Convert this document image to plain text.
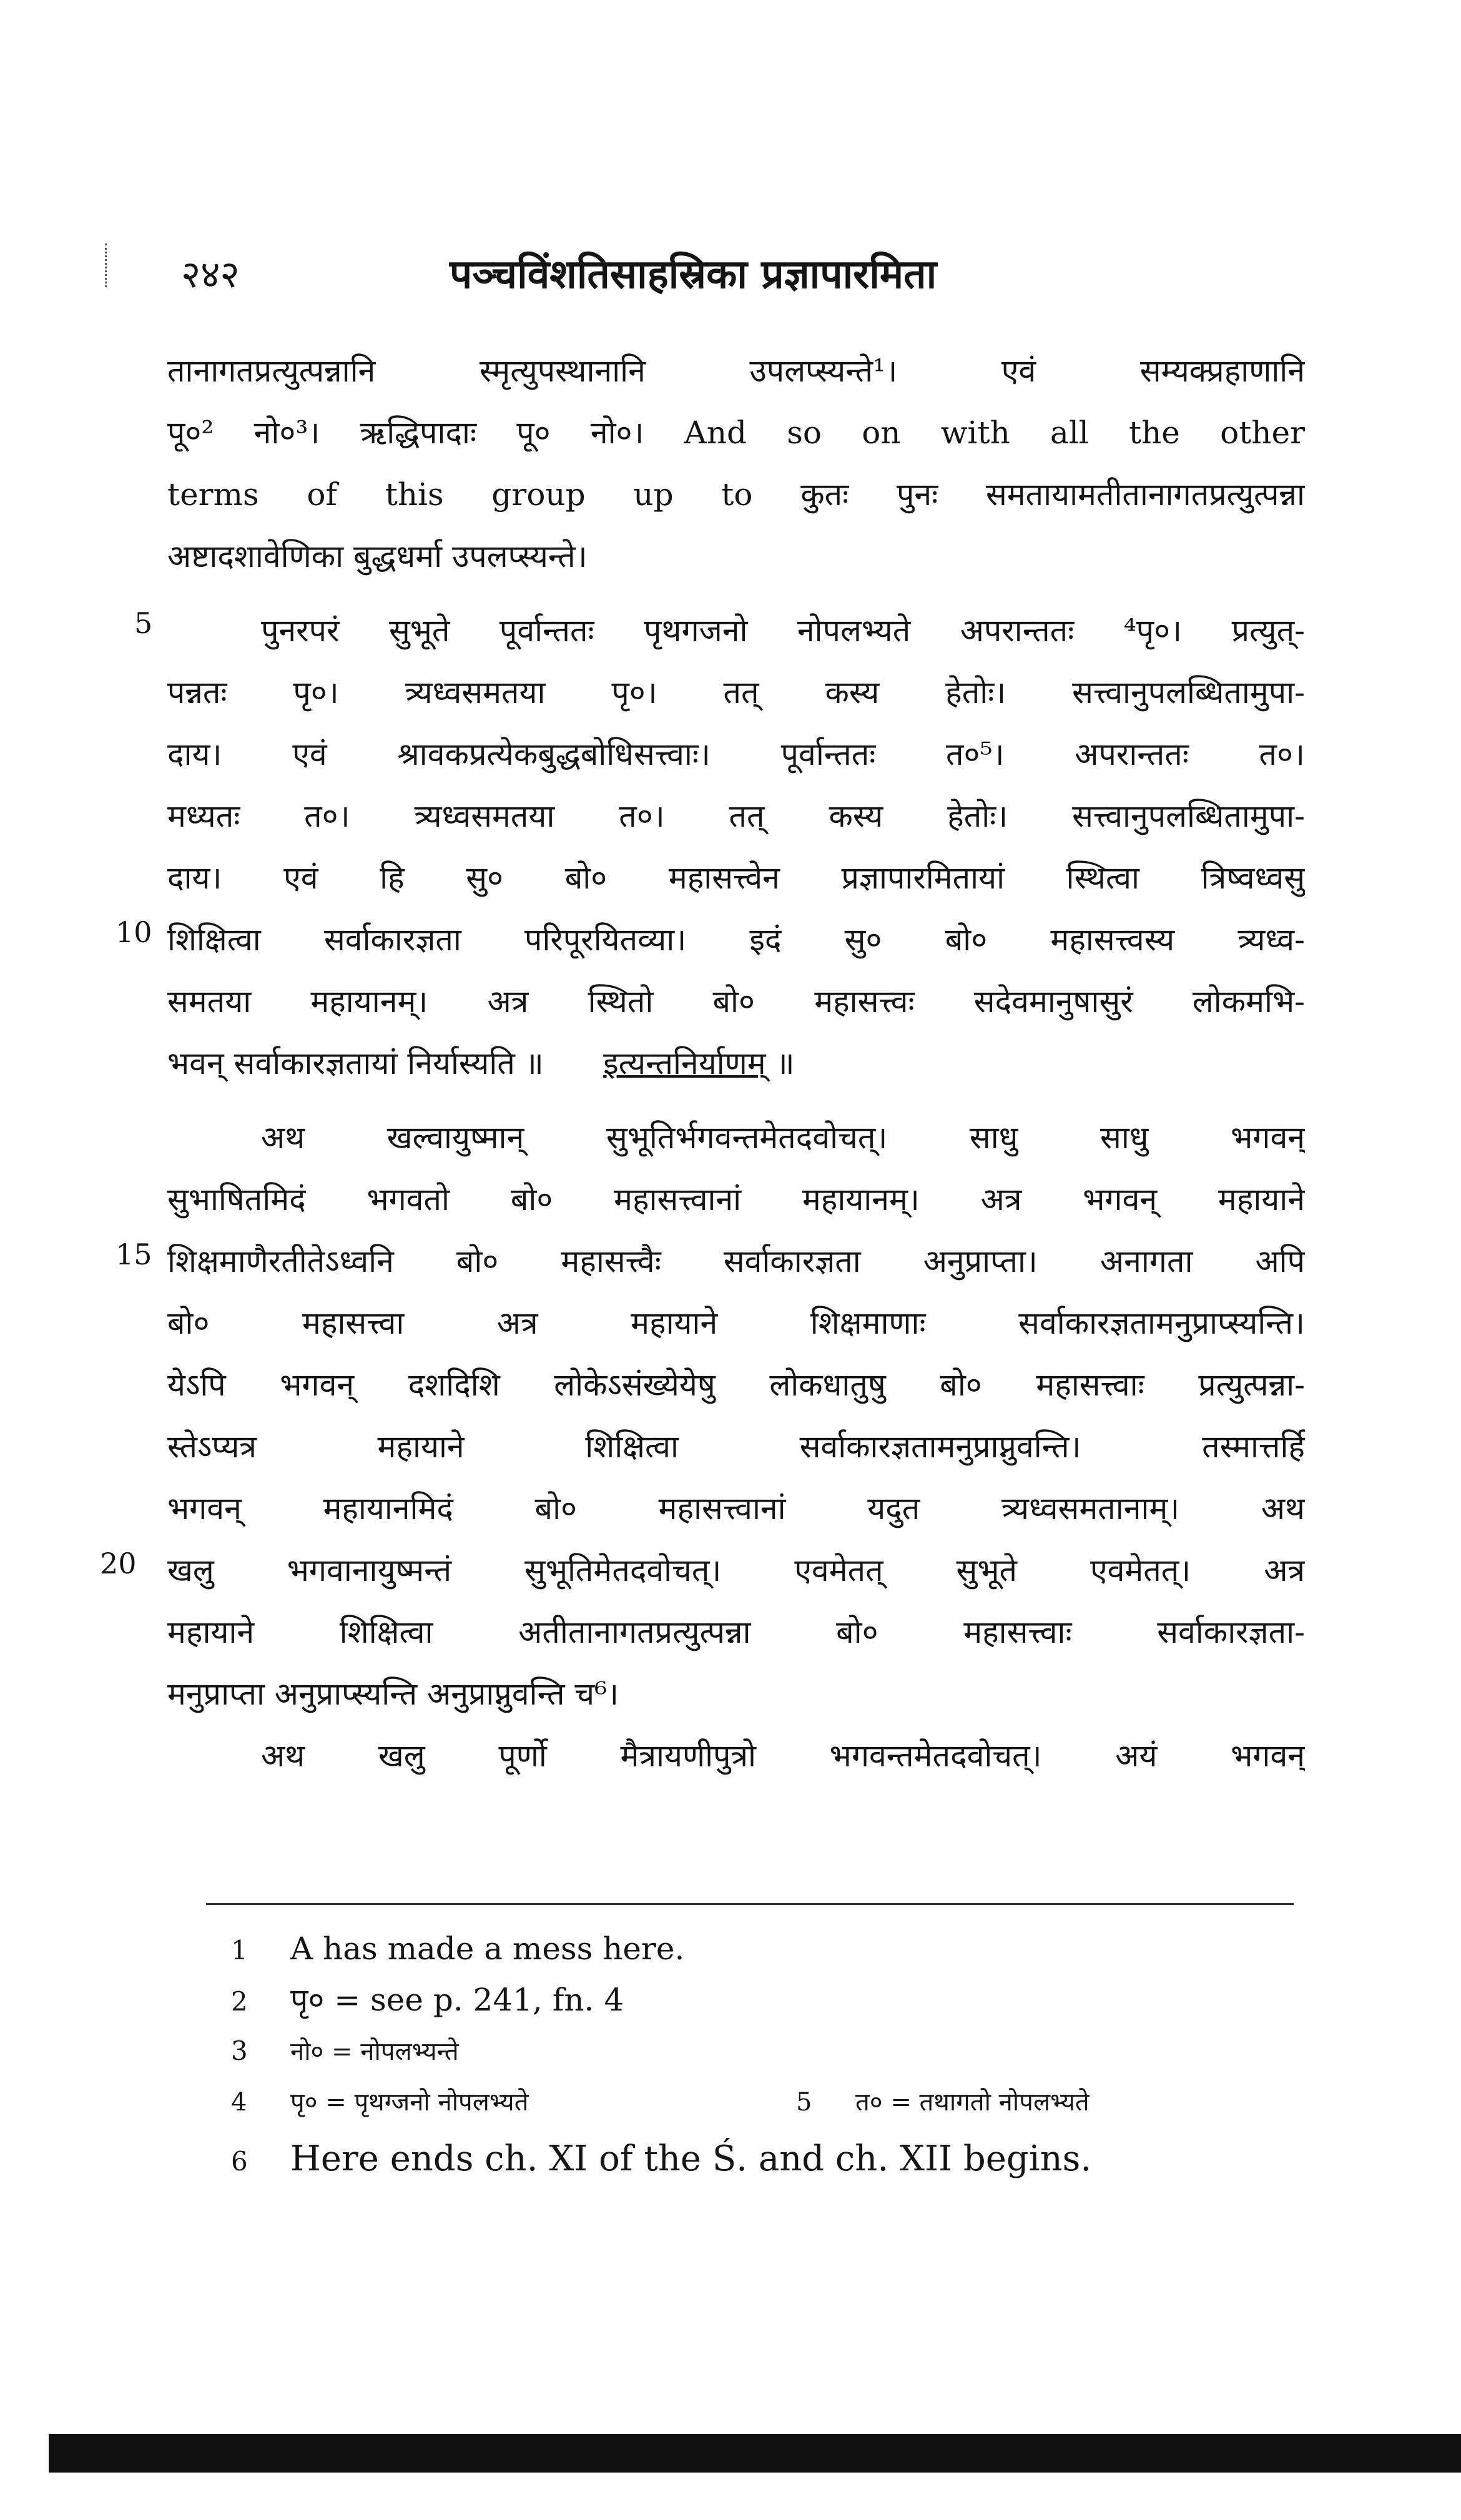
२४२	पञ्चविंशतिसाहस्रिका प्रज्ञापारमिता
5
10
15
20
तानागतप्रत्युत्पन्नानि स्मृत्युपस्थानानि उपलप्स्यन्ते¹। एवं सम्यक्प्रहाणानि
पू०² नो०³। ऋद्धिपादाः पू० नो०। And so on with all the other
terms of this group up to कुतः पुनः समतायामतीतानागतप्रत्युत्पन्ना
अष्टादशावेणिका बुद्धधर्मा उपलप्स्यन्ते।
पुनरपरं सुभूते पूर्वान्ततः पृथगजनो नोपलभ्यते अपरान्ततः ⁴पृ०। प्रत्युत्-
पन्नतः पृ०। त्र्यध्वसमतया पृ०। तत् कस्य हेतोः। सत्त्वानुपलब्धितामुपा-
दाय। एवं श्रावकप्रत्येकबुद्धबोधिसत्त्वाः। पूर्वान्ततः त०⁵। अपरान्ततः त०।
मध्यतः त०। त्र्यध्वसमतया त०। तत् कस्य हेतोः। सत्त्वानुपलब्धितामुपा-
दाय। एवं हि सु० बो० महासत्त्वेन प्रज्ञापारमितायां स्थित्वा त्रिष्वध्वसु
शिक्षित्वा सर्वाकारज्ञता परिपूरयितव्या। इदं सु० बो० महासत्त्वस्य त्र्यध्व-
समतया महायानम्। अत्र स्थितो बो० महासत्त्वः सदेवमानुषासुरं लोकमभि-
भवन् सर्वाकारज्ञतायां निर्यास्यति ॥ इत्यन्तनिर्याणम् ॥
अथ खल्वायुष्मान् सुभूतिर्भगवन्तमेतदवोचत्। साधु साधु भगवन्
सुभाषितमिदं भगवतो बो० महासत्त्वानां महायानम्। अत्र भगवन् महायाने
शिक्षमाणैरतीतेऽध्वनि बो० महासत्त्वैः सर्वाकारज्ञता अनुप्राप्ता। अनागता अपि
बो० महासत्त्वा अत्र महायाने शिक्षमाणाः सर्वाकारज्ञतामनुप्राप्स्यन्ति।
येऽपि भगवन् दशदिशि लोकेऽसंख्येयेषु लोकधातुषु बो० महासत्त्वाः प्रत्युत्पन्ना-
स्तेऽप्यत्र महायाने शिक्षित्वा सर्वाकारज्ञतामनुप्राप्नुवन्ति। तस्मात्तर्हि
भगवन् महायानमिदं बो० महासत्त्वानां यदुत त्र्यध्वसमतानाम्। अथ
खलु भगवानायुष्मन्तं सुभूतिमेतदवोचत्। एवमेतत् सुभूते एवमेतत्। अत्र
महायाने शिक्षित्वा अतीतानागतप्रत्युत्पन्ना बो० महासत्त्वाः सर्वाकारज्ञता-
मनुप्राप्ता अनुप्राप्स्यन्ति अनुप्राप्नुवन्ति च⁶।
अथ खलु पूर्णो मैत्रायणीपुत्रो भगवन्तमेतदवोचत्। अयं भगवन्
1 A has made a mess here.
2 पृ० = see p. 241, fn. 4
3 नो० = नोपलभ्यन्ते
4 पृ० = पृथग्जनो नोपलभ्यते	5 त० = तथागतो नोपलभ्यते
6 Here ends ch. XI of the Ś. and ch. XII begins.
